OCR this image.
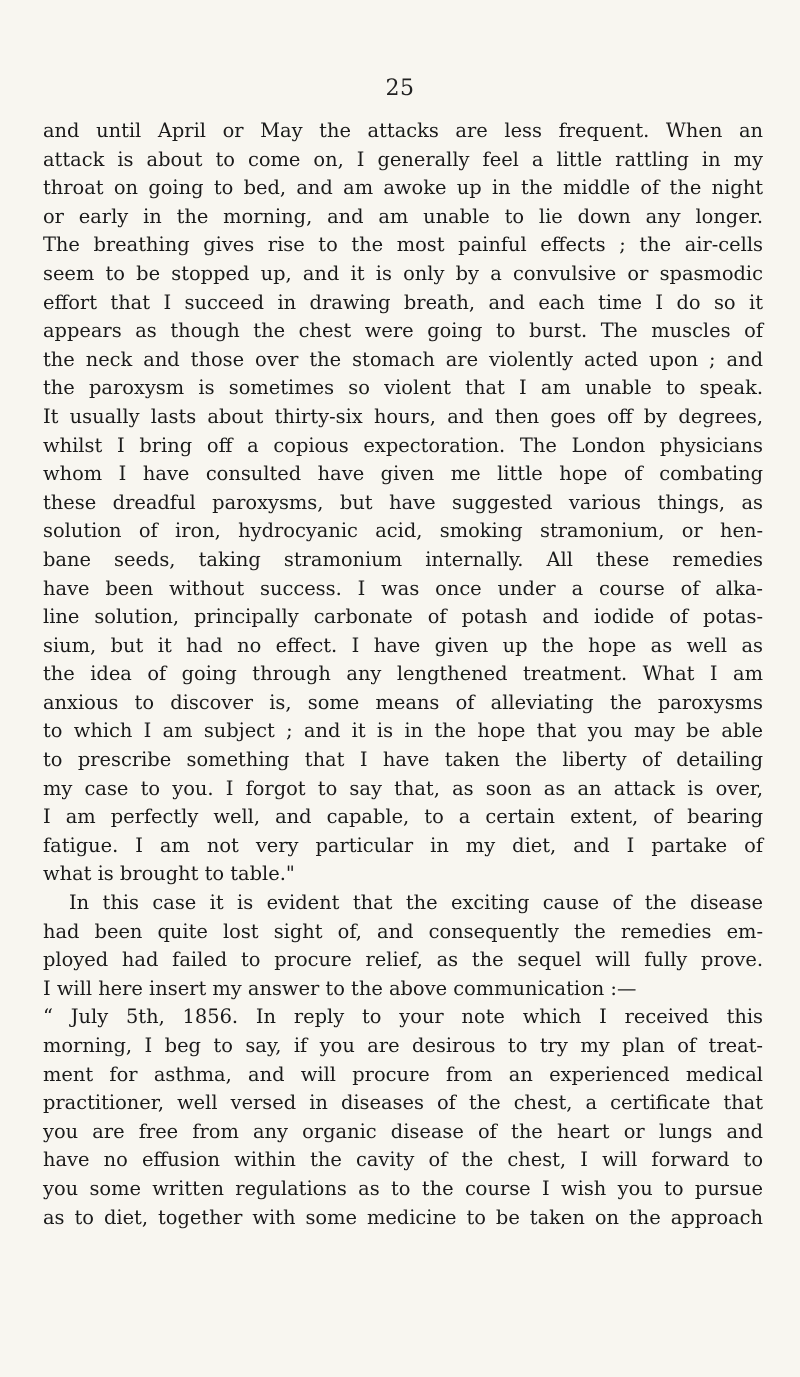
25
and until April or May the attacks are less frequent. When an
attack is about to come on, I generally feel a little rattling in my
throat on going to bed, and am awoke up in the middle of the night
or early in the morning, and am unable to lie down any longer.
The breathing gives rise to the most painful effects ; the air-cells
seem to be stopped up, and it is only by a convulsive or spasmodic
effort that I succeed in drawing breath, and each time I do so it
appears as though the chest were going to burst. The muscles of
the neck and those over the stomach are violently acted upon ; and
the paroxysm is sometimes so violent that I am unable to speak.
It usually lasts about thirty-six hours, and then goes off by degrees,
whilst I bring off a copious expectoration. The London physicians
whom I have consulted have given me little hope of combating
these dreadful paroxysms, but have suggested various things, as
solution of iron, hydrocyanic acid, smoking stramonium, or hen-
bane seeds, taking stramonium internally. All these remedies
have been without success. I was once under a course of alka-
line solution, principally carbonate of potash and iodide of potas-
sium, but it had no effect. I have given up the hope as well as
the idea of going through any lengthened treatment. What I am
anxious to discover is, some means of alleviating the paroxysms
to which I am subject ; and it is in the hope that you may be able
to prescribe something that I have taken the liberty of detailing
my case to you. I forgot to say that, as soon as an attack is over,
I am perfectly well, and capable, to a certain extent, of bearing
fatigue. I am not very particular in my diet, and I partake of
what is brought to table."
In this case it is evident that the exciting cause of the disease
had been quite lost sight of, and consequently the remedies em-
ployed had failed to procure relief, as the sequel will fully prove.
I will here insert my answer to the above communication :—
“ July 5th, 1856. In reply to your note which I received this
morning, I beg to say, if you are desirous to try my plan of treat-
ment for asthma, and will procure from an experienced medical
practitioner, well versed in diseases of the chest, a certificate that
you are free from any organic disease of the heart or lungs and
have no effusion within the cavity of the chest, I will forward to
you some written regulations as to the course I wish you to pursue
as to diet, together with some medicine to be taken on the approach
